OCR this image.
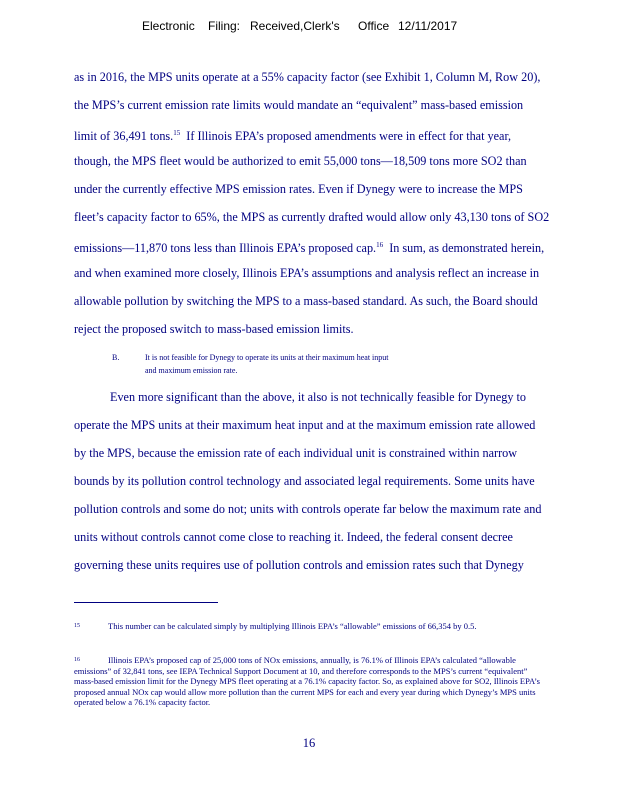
Electronic Filing: Received,Clerk's Office 12/11/2017
as in 2016, the MPS units operate at a 55% capacity factor (see Exhibit 1, Column M, Row 20),
the MPS’s current emission rate limits would mandate an “equivalent” mass-based emission
limit of 36,491 tons.$^{15}$ If Illinois EPA’s proposed amendments were in effect for that year,
though, the MPS fleet would be authorized to emit 55,000 tons—18,509 tons more SO2 than
under the currently effective MPS emission rates. Even if Dynegy were to increase the MPS
fleet’s capacity factor to 65%, the MPS as currently drafted would allow only 43,130 tons of SO2
emissions—11,870 tons less than Illinois EPA’s proposed cap.$^{16}$ In sum, as demonstrated herein,
and when examined more closely, Illinois EPA’s assumptions and analysis reflect an increase in
allowable pollution by switching the MPS to a mass-based standard. As such, the Board should
reject the proposed switch to mass-based emission limits.
B.	It is not feasible for Dynegy to operate its units at their maximum heat input
and maximum emission rate.
Even more significant than the above, it also is not technically feasible for Dynegy to
operate the MPS units at their maximum heat input and at the maximum emission rate allowed
by the MPS, because the emission rate of each individual unit is constrained within narrow
bounds by its pollution control technology and associated legal requirements. Some units have
pollution controls and some do not; units with controls operate far below the maximum rate and
units without controls cannot come close to reaching it. Indeed, the federal consent decree
governing these units requires use of pollution controls and emission rates such that Dynegy
15	This number can be calculated simply by multiplying Illinois EPA’s “allowable” emissions of 66,354 by 0.5.
16	Illinois EPA’s proposed cap of 25,000 tons of NOx emissions, annually, is 76.1% of Illinois EPA’s calculated “allowable emissions” of 32,841 tons, see IEPA Technical Support Document at 10, and therefore corresponds to the MPS’s current “equivalent” mass-based emission limit for the Dynegy MPS fleet operating at a 76.1% capacity factor. So, as explained above for SO2, Illinois EPA’s proposed annual NOx cap would allow more pollution than the current MPS for each and every year during which Dynegy’s MPS units operated below a 76.1% capacity factor.
16
